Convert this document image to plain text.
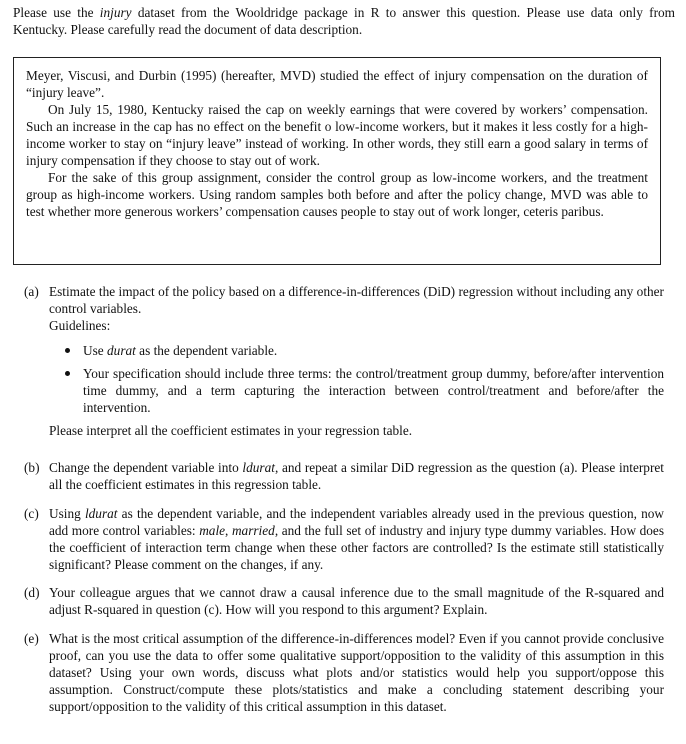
Please use the injury dataset from the Wooldridge package in R to answer this question. Please use data only from Kentucky. Please carefully read the document of data description.

Meyer, Viscusi, and Durbin (1995) (hereafter, MVD) studied the effect of injury compensation on the duration of “injury leave”.

On July 15, 1980, Kentucky raised the cap on weekly earnings that were covered by workers’ compensation. Such an increase in the cap has no effect on the benefit o low-income workers, but it makes it less costly for a high-income worker to stay on “injury leave” instead of working. In other words, they still earn a good salary in terms of injury compensation if they choose to stay out of work.

For the sake of this group assignment, consider the control group as low-income workers, and the treatment group as high-income workers. Using random samples both before and after the policy change, MVD was able to test whether more generous workers’ compensation causes people to stay out of work longer, ceteris paribus.

(a) Estimate the impact of the policy based on a difference-in-differences (DiD) regression without including any other control variables.

Guidelines:

Use durat as the dependent variable.
Your specification should include three terms: the control/treatment group dummy, before/after intervention time dummy, and a term capturing the interaction between control/treatment and before/after the intervention.

Please interpret all the coefficient estimates in your regression table.

(b) Change the dependent variable into ldurat, and repeat a similar DiD regression as the question (a). Please interpret all the coefficient estimates in this regression table.

(c) Using ldurat as the dependent variable, and the independent variables already used in the previous question, now add more control variables: male, married, and the full set of industry and injury type dummy variables. How does the coefficient of interaction term change when these other factors are controlled? Is the estimate still statistically significant? Please comment on the changes, if any.

(d) Your colleague argues that we cannot draw a causal inference due to the small magnitude of the R-squared and adjust R-squared in question (c). How will you respond to this argument? Explain.

(e) What is the most critical assumption of the difference-in-differences model? Even if you cannot provide conclusive proof, can you use the data to offer some qualitative support/opposition to the validity of this assumption in this dataset? Using your own words, discuss what plots and/or statistics would help you support/oppose this assumption. Construct/compute these plots/statistics and make a concluding statement describing your support/opposition to the validity of this critical assumption in this dataset.
